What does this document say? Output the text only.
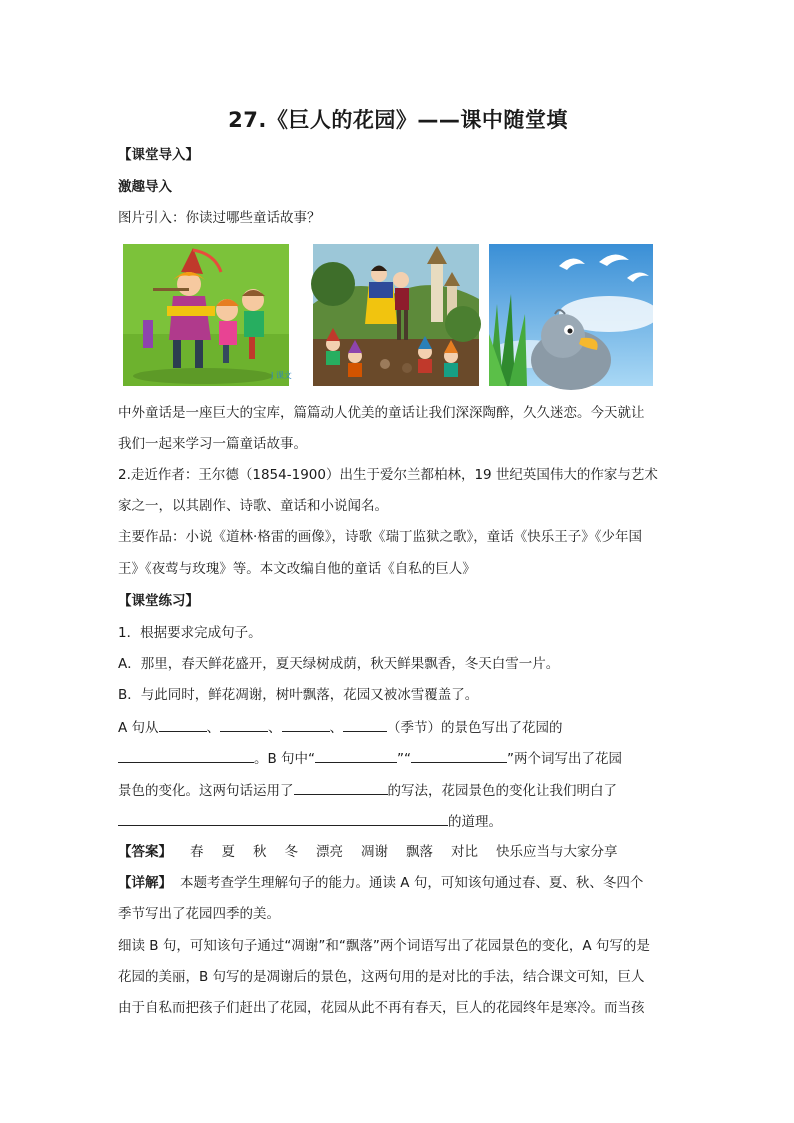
27.《巨人的花园》——课中随堂填
【课堂导入】
激趣导入
图片引入：你读过哪些童话故事？
J 课文
中外童话是一座巨大的宝库，篇篇动人优美的童话让我们深深陶醉，久久迷恋。今天就让
我们一起来学习一篇童话故事。
2.走近作者：王尔德（1854-1900）出生于爱尔兰都柏林，19 世纪英国伟大的作家与艺术
家之一，以其剧作、诗歌、童话和小说闻名。
主要作品：小说《道林·格雷的画像》，诗歌《瑞丁监狱之歌》，童话《快乐王子》《少年国
王》《夜莺与玫瑰》等。本文改编自他的童话《自私的巨人》
【课堂练习】
1．根据要求完成句子。
A．那里，春天鲜花盛开，夏天绿树成荫，秋天鲜果飘香，冬天白雪一片。
B．与此同时，鲜花凋谢，树叶飘落，花园又被冰雪覆盖了。
A 句从	、	、	、	（季节）的景色写出了花园的
。B 句中“	”“	”两个词写出了花园
景色的变化。这两句话运用了	的写法，花园景色的变化让我们明白了
的道理。
【答案】 春 夏 秋 冬 漂亮 凋谢 飘落 对比 快乐应当与大家分享
【详解】 本题考查学生理解句子的能力。通读 A 句，可知该句通过春、夏、秋、冬四个
季节写出了花园四季的美。
细读 B 句，可知该句子通过“凋谢”和“飘落”两个词语写出了花园景色的变化，A 句写的是
花园的美丽，B 句写的是凋谢后的景色，这两句用的是对比的手法，结合课文可知，巨人
由于自私而把孩子们赶出了花园，花园从此不再有春天，巨人的花园终年是寒冷。而当孩
